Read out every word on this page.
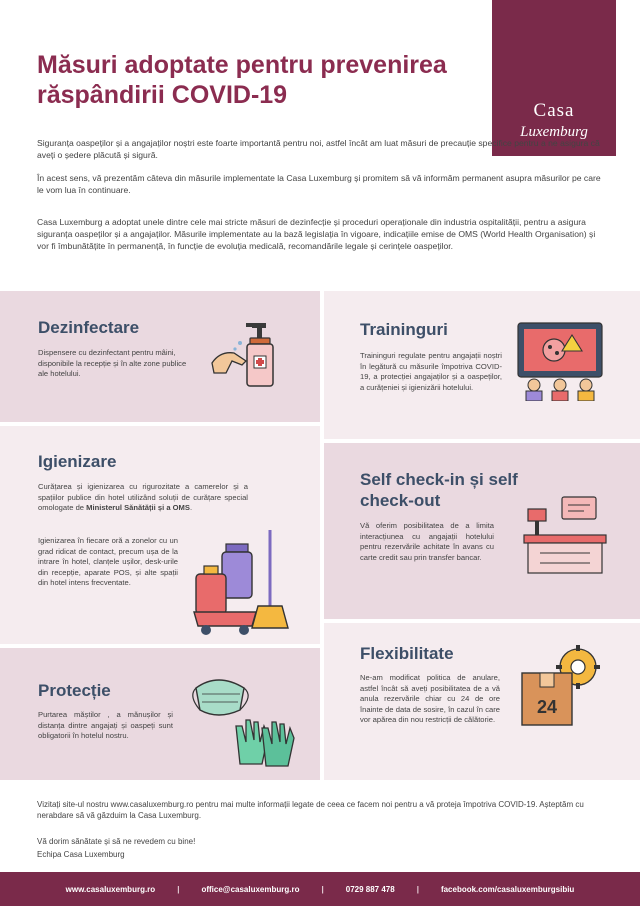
Măsuri adoptate pentru prevenirea răspândirii COVID-19
Casa
Luxemburg

Siguranța oaspeților și a angajaților noștri este foarte importantă pentru noi, astfel încât am luat măsuri de precauție specifice pentru a ne asigura că aveți o ședere plăcută și sigură.

În acest sens, vă prezentăm câteva din măsurile implementate la Casa Luxemburg și promitem să vă informăm permanent asupra măsurilor pe care le vom lua în continuare.

Casa Luxemburg a adoptat unele dintre cele mai stricte măsuri de dezinfecție și proceduri operaționale din industria ospitalității, pentru a asigura siguranța oaspeților și a angajaților. Măsurile implementate au la bază legislația în vigoare, indicațiile emise de OMS (World Health Organisation) și vor fi îmbunătățite în permanență, în funcție de evoluția medicală, recomandările legale și cerințele oaspeților.

Dezinfectare

Dispensere cu dezinfectant pentru mâini, disponibile la recepție și în alte zone publice ale hotelului.

Igienizare

Curățarea și igienizarea cu rigurozitate a camerelor și a spațiilor publice din hotel utilizând soluții de curățare special omologate de Ministerul Sănătății și a OMS.

Igienizarea în fiecare oră a zonelor cu un grad ridicat de contact, precum ușa de la intrare în hotel, clanțele ușilor, desk-urile din recepție, aparate POS, și alte spații din hotel intens frecventate.

Protecție

Purtarea măștilor , a mănușilor și distanța dintre angajați și oaspeți sunt obligatorii în hotelul nostru.

Traininguri

Traininguri regulate pentru angajații noștri în legătură cu măsurile împotriva COVID-19, a protecției angajaților și a oaspeților, a curățeniei și igienizării hotelului.

Self check-in și self check-out

Vă oferim posibilitatea de a limita interacțiunea cu angajații hotelului pentru rezervările achitate în avans cu carte credit sau prin transfer bancar.

Flexibilitate

Ne-am modificat politica de anulare, astfel încât să aveți posibilitatea de a vă anula rezervările chiar cu 24 de ore înainte de data de sosire, în cazul în care vor apărea din nou restricții de călătorie.

24

Vizitați site-ul nostru www.casaluxemburg.ro pentru mai multe informații legate de ceea ce facem noi pentru a vă proteja împotriva COVID-19. Așteptăm cu nerabdare să vă găzduim la Casa Luxemburg.

Vă dorim sănătate și să ne revedem cu bine!

Echipa Casa Luxemburg

www.casaluxemburg.ro	|	office@casaluxemburg.ro	|	0729 887 478	|	facebook.com/casaluxemburgsibiu
